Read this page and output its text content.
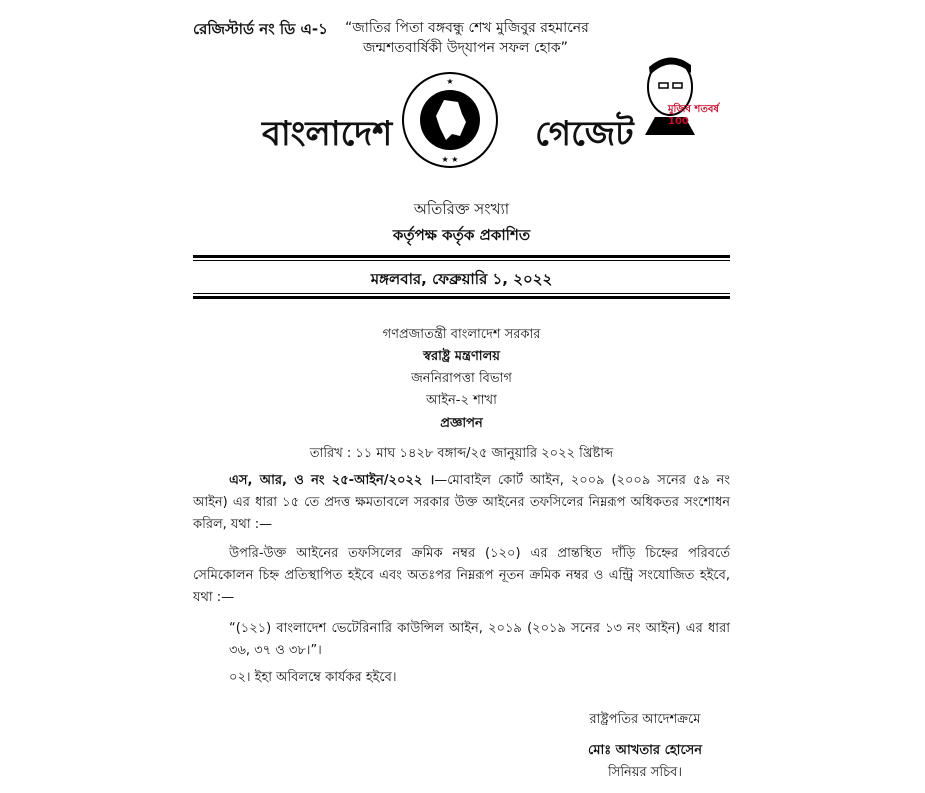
রেজিস্টার্ড নং ডি এ-১ “জাতির পিতা বঙ্গবন্ধু শেখ মুজিবুর রহমানের
জন্মশতবার্ষিকী উদ্‌যাপন সফল হোক”
বাংলাদেশ
★
★ ★
গেজেট
মুজিব শতবর্ষ 100
অতিরিক্ত সংখ্যা
কর্তৃপক্ষ কর্তৃক প্রকাশিত
মঙ্গলবার, ফেব্রুয়ারি ১, ২০২২
গণপ্রজাতন্ত্রী বাংলাদেশ সরকার
স্বরাষ্ট্র মন্ত্রণালয়
জননিরাপত্তা বিভাগ
আইন-২ শাখা
প্রজ্ঞাপন
তারিখ : ১১ মাঘ ১৪২৮ বঙ্গাব্দ/২৫ জানুয়ারি ২০২২ খ্রিষ্টাব্দ
এস, আর, ও নং ২৫-আইন/২০২২ ।—মোবাইল কোর্ট আইন, ২০০৯ (২০০৯ সনের ৫৯ নং আইন) এর ধারা ১৫ তে প্রদত্ত ক্ষমতাবলে সরকার উক্ত আইনের তফসিলের নিম্নরূপ অধিকতর সংশোধন করিল, যথা :—
উপরি-উক্ত আইনের তফসিলের ক্রমিক নম্বর (১২০) এর প্রান্তস্থিত দাঁড়ি চিহ্নের পরিবর্তে সেমিকোলন চিহ্ন প্রতিস্থাপিত হইবে এবং অতঃপর নিম্নরূপ নূতন ক্রমিক নম্বর ও এন্ট্রি সংযোজিত হইবে, যথা :—
“(১২১) বাংলাদেশ ভেটেরিনারি কাউন্সিল আইন, ২০১৯ (২০১৯ সনের ১৩ নং আইন) এর ধারা ৩৬, ৩৭ ও ৩৮।”।
০২। ইহা অবিলম্বে কার্যকর হইবে।
রাষ্ট্রপতির আদেশক্রমে
মোঃ আখতার হোসেন
সিনিয়র সচিব।
